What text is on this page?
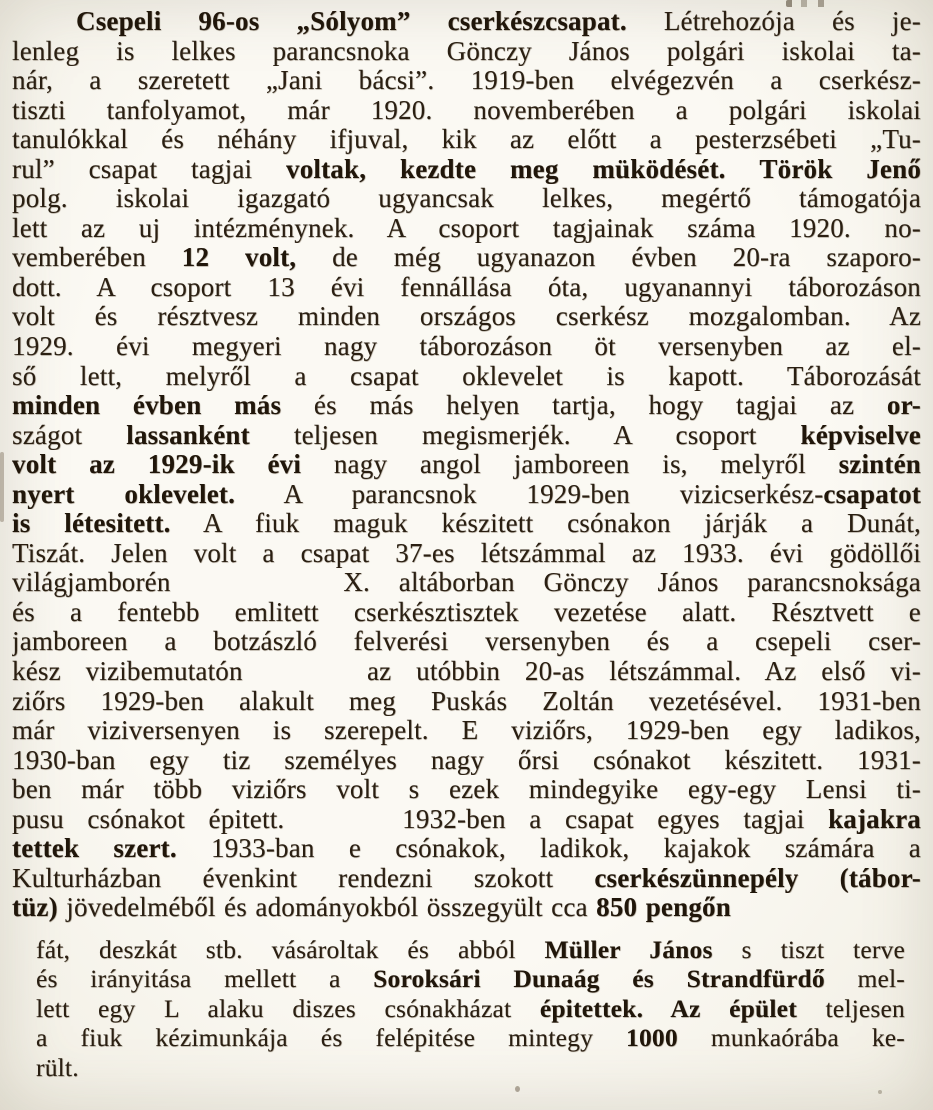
Csepeli 96-os „Sólyom” cserkészcsapat. Létrehozója és je-
lenleg is lelkes parancsnoka Gönczy János polgári iskolai ta-
nár, a szeretett „Jani bácsi”. 1919-ben elvégezvén a cserkész-
tiszti tanfolyamot, már 1920. novemberében a polgári iskolai
tanulókkal és néhány ifjuval, kik az előtt a pesterzsébeti „Tu-
rul” csapat tagjai voltak, kezdte meg müködését. Török Jenő
polg. iskolai igazgató ugyancsak lelkes, megértő támogatója
lett az uj intézménynek. A csoport tagjainak száma 1920. no-
vemberében 12 volt, de még ugyanazon évben 20-ra szaporo-
dott. A csoport 13 évi fennállása óta, ugyanannyi táborozáson
volt és résztvesz minden országos cserkész mozgalomban. Az
1929. évi megyeri nagy táborozáson öt versenyben az el-
ső lett, melyről a csapat oklevelet is kapott. Táborozását
minden évben más és más helyen tartja, hogy tagjai az or-
szágot lassanként teljesen megismerjék. A csoport képviselve
volt az 1929-ik évi nagy angol jamboreen is, melyről szintén
nyert oklevelet. A parancsnok 1929-ben vizicserkész-csapatot
is létesitett. A fiuk maguk készitett csónakon járják a Dunát,
Tiszát. Jelen volt a csapat 37-es létszámmal az 1933. évi gödöllői
világjamborén      X. altáborban Gönczy János parancsnoksága
és a fentebb emlitett cserkésztisztek vezetése alatt. Résztvett e
jamboreen a botzászló felverési versenyben és a csepeli cser-
kész vizibemutatón     az utóbbin 20-as létszámmal. Az első vi-
ziőrs 1929-ben alakult meg Puskás Zoltán vezetésével. 1931-ben
már viziversenyen is szerepelt. E viziőrs, 1929-ben egy ladikos,
1930-ban egy tiz személyes nagy őrsi csónakot készitett. 1931-
ben már több viziőrs volt s ezek mindegyike egy-egy Lensi ti-
pusu csónakot épitett.     1932-ben a csapat egyes tagjai kajakra
tettek szert. 1933-ban e csónakok, ladikok, kajakok számára a
Kulturházban évenkint rendezni szokott cserkészünnepély (tábor-
tüz) jövedelméből és adományokból összegyült cca 850 pengőn
fát, deszkát stb. vásároltak és abból Müller János s tiszt terve
és irányitása mellett a Soroksári Dunaág és Strandfürdő mel-
lett egy L alaku diszes csónakházat épitettek. Az épület teljesen
a fiuk kézimunkája és felépitése mintegy 1000 munkaórába ke-
rült.
